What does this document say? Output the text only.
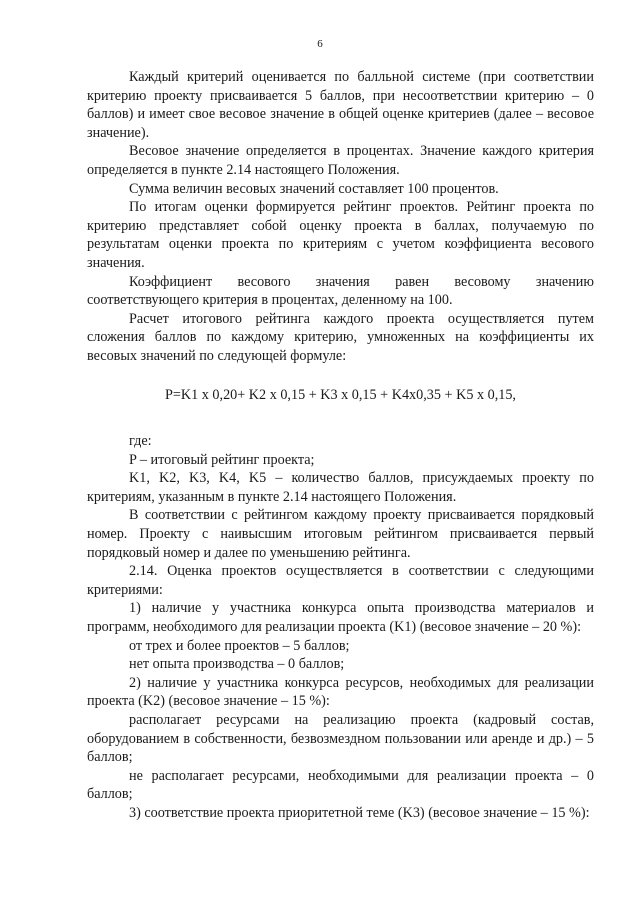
6

Каждый критерий оценивается по балльной системе (при соответствии критерию проекту присваивается 5 баллов, при несоответствии критерию – 0 баллов) и имеет свое весовое значение в общей оценке критериев (далее – весовое значение).

Весовое значение определяется в процентах. Значение каждого критерия определяется в пункте 2.14 настоящего Положения.

Сумма величин весовых значений составляет 100 процентов.

По итогам оценки формируется рейтинг проектов. Рейтинг проекта по критерию представляет собой оценку проекта в баллах, получаемую по результатам оценки проекта по критериям с учетом коэффициента весового значения.

Коэффициент весового значения равен весовому значению соответствующего критерия в процентах, деленному на 100.

Расчет итогового рейтинга каждого проекта осуществляется путем сложения баллов по каждому критерию, умноженных на коэффициенты их весовых значений по следующей формуле:

P=K1 x 0,20+ K2 x 0,15 + K3 x 0,15 + K4x0,35 + K5 x 0,15,

где:

P – итоговый рейтинг проекта;

K1, K2, K3, K4, K5 – количество баллов, присуждаемых проекту по критериям, указанным в пункте 2.14 настоящего Положения.

В соответствии с рейтингом каждому проекту присваивается порядковый номер. Проекту с наивысшим итоговым рейтингом присваивается первый порядковый номер и далее по уменьшению рейтинга.

2.14. Оценка проектов осуществляется в соответствии с следующими критериями:

1) наличие у участника конкурса опыта производства материалов и программ, необходимого для реализации проекта (K1) (весовое значение – 20 %):

от трех и более проектов – 5 баллов;

нет опыта производства – 0 баллов;

2) наличие у участника конкурса ресурсов, необходимых для реализации проекта (K2) (весовое значение – 15 %):

располагает ресурсами на реализацию проекта (кадровый состав, оборудованием в собственности, безвозмездном пользовании или аренде и др.) – 5 баллов;

не располагает ресурсами, необходимыми для реализации проекта – 0 баллов;

3) соответствие проекта приоритетной теме (K3) (весовое значение – 15 %):
